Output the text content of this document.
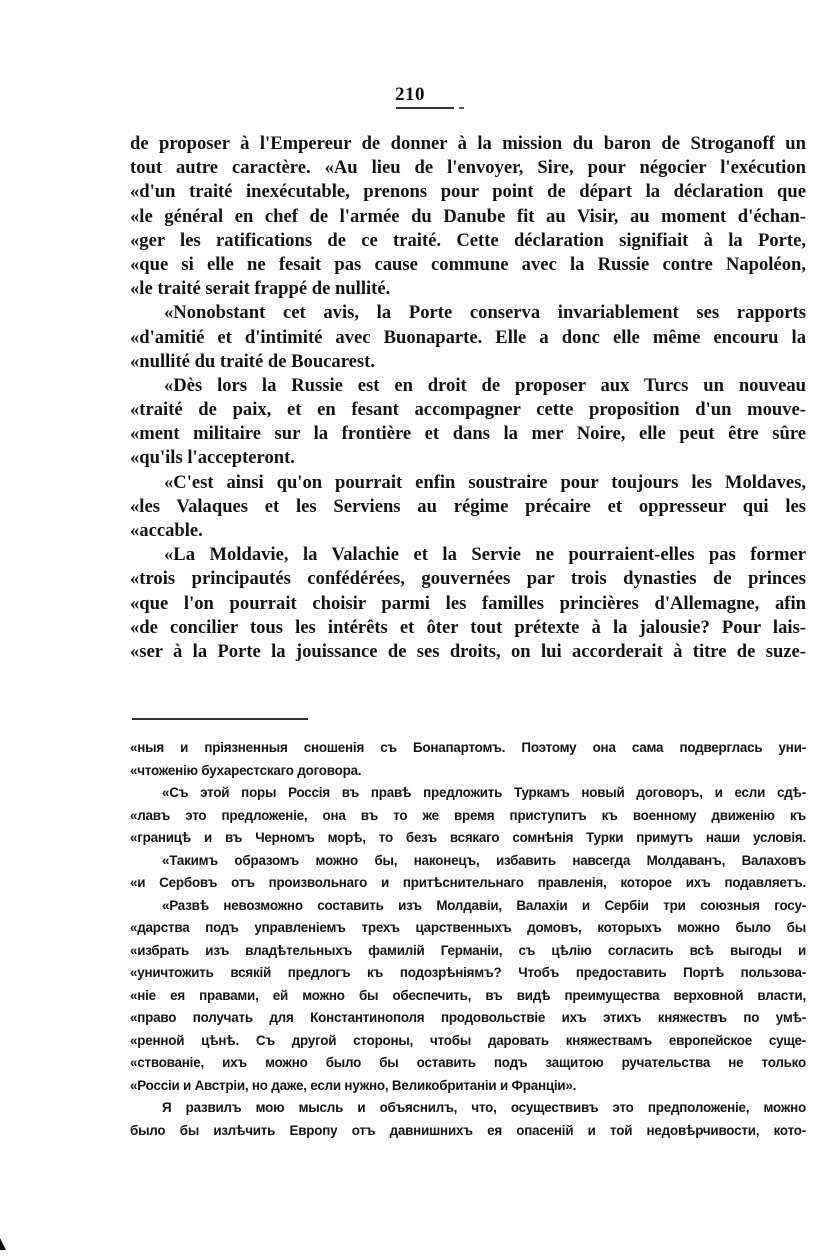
210
de proposer à l'Empereur de donner à la mission du baron de Stroganoff un
tout autre caractère. «Au lieu de l'envoyer, Sire, pour négocier l'exécution
«d'un traité inexécutable, prenons pour point de départ la déclaration que
«le général en chef de l'armée du Danube fit au Visir, au moment d'échan-
«ger les ratifications de ce traité. Cette déclaration signifiait à la Porte,
«que si elle ne fesait pas cause commune avec la Russie contre Napoléon,
«le traité serait frappé de nullité.
«Nonobstant cet avis, la Porte conserva invariablement ses rapports
«d'amitié et d'intimité avec Buonaparte. Elle a donc elle même encouru la
«nullité du traité de Boucarest.
«Dès lors la Russie est en droit de proposer aux Turcs un nouveau
«traité de paix, et en fesant accompagner cette proposition d'un mouve-
«ment militaire sur la frontière et dans la mer Noire, elle peut être sûre
«qu'ils l'accepteront.
«C'est ainsi qu'on pourrait enfin soustraire pour toujours les Moldaves,
«les Valaques et les Serviens au régime précaire et oppresseur qui les
«accable.
«La Moldavie, la Valachie et la Servie ne pourraient-elles pas former
«trois principautés confédérées, gouvernées par trois dynasties de princes
«que l'on pourrait choisir parmi les familles princières d'Allemagne, afin
«de concilier tous les intérêts et ôter tout prétexte à la jalousie? Pour lais-
«ser à la Porte la jouissance de ses droits, on lui accorderait à titre de suze-
«ныя и пріязненныя сношенія съ Бонапартомъ. Поэтому она сама подверглась уни-
«чтоженію бухарестскаго договора.
«Съ этой поры Россія въ правѣ предложить Туркамъ новый договоръ, и если сдѣ-
«лавъ это предложеніе, она въ то же время приступитъ къ военному движенію къ
«границѣ и въ Черномъ морѣ, то безъ всякаго сомнѣнія Турки примутъ наши условія.
«Такимъ образомъ можно бы, наконецъ, избавить навсегда Молдаванъ, Валаховъ
«и Сербовъ отъ произвольнаго и притѣснительнаго правленія, которое ихъ подавляетъ.
«Развѣ невозможно составить изъ Молдавіи, Валахіи и Сербіи три союзныя госу-
«дарства подъ управленіемъ трехъ царственныхъ домовъ, которыхъ можно было бы
«избрать изъ владѣтельныхъ фамилій Германіи, съ цѣлію согласить всѣ выгоды и
«уничтожить всякій предлогъ къ подозрѣніямъ? Чтобъ предоставить Портѣ пользова-
«ніе ея правами, ей можно бы обеспечить, въ видѣ преимущества верховной власти,
«право получать для Константинополя продовольствіе ихъ этихъ княжествъ по умѣ-
«ренной цѣнѣ. Съ другой стороны, чтобы даровать княжествамъ европейское суще-
«ствованіе, ихъ можно было бы оставить подъ защитою ручательства не только
«Россіи и Австріи, но даже, если нужно, Великобританіи и Франціи».
Я развилъ мою мысль и объяснилъ, что, осуществивъ это предположеніе, можно
было бы излѣчить Европу отъ давнишнихъ ея опасеній и той недовѣрчивости, кото-
